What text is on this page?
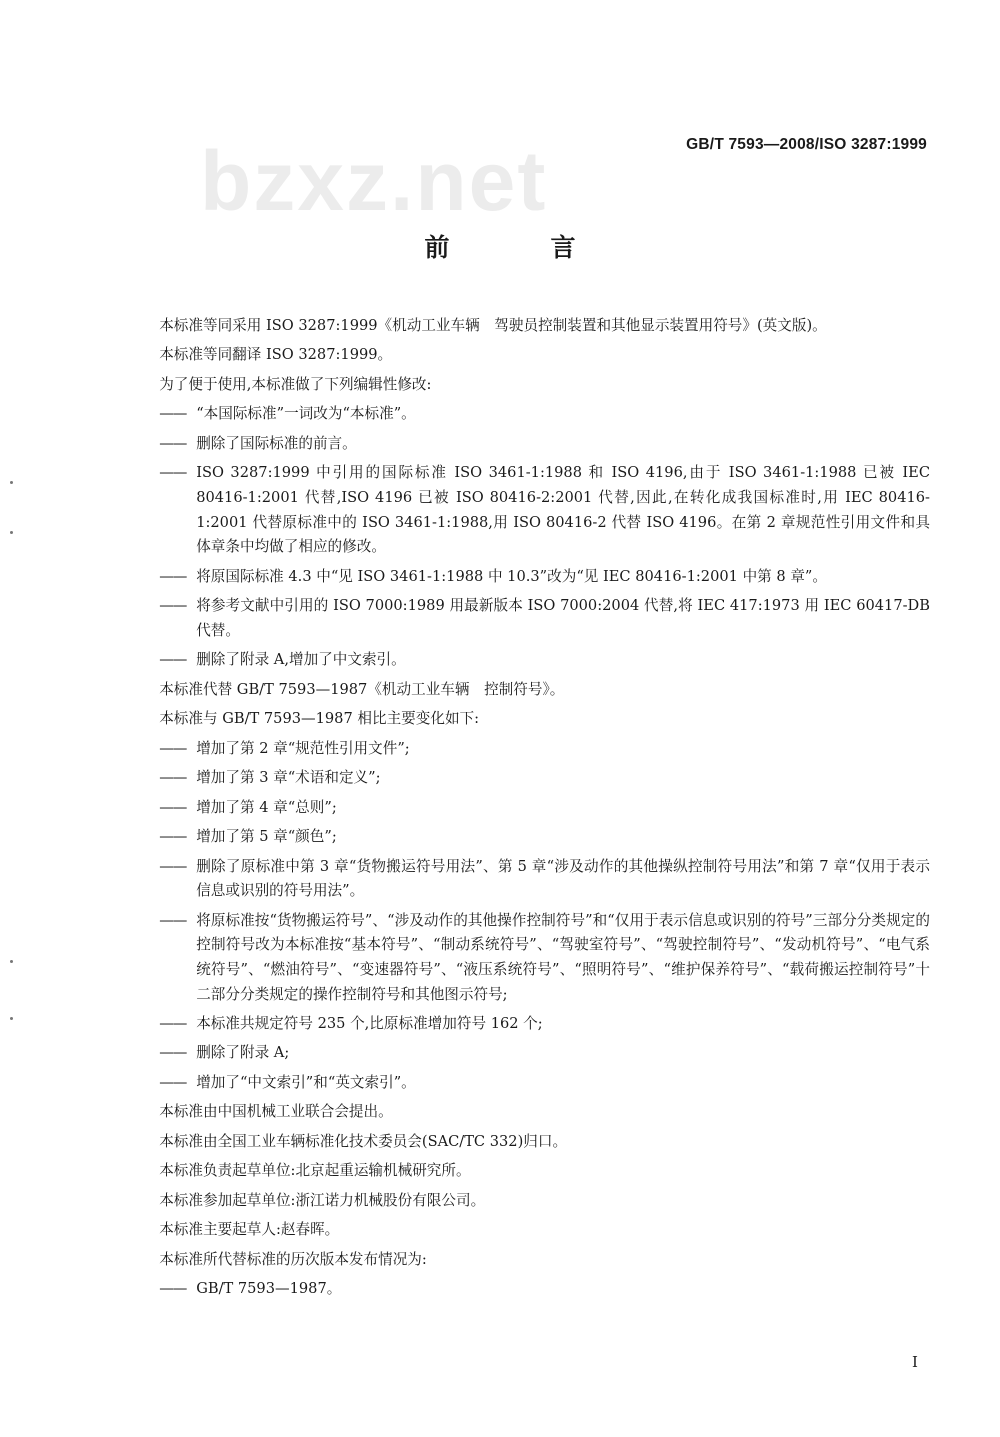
bzxz.net	GB/T 7593—2008/ISO 3287:1999
前　言
本标准等同采用 ISO 3287:1999《机动工业车辆　驾驶员控制装置和其他显示装置用符号》(英文版)。
本标准等同翻译 ISO 3287:1999。
为了便于使用,本标准做了下列编辑性修改:
—— “本国际标准”一词改为“本标准”。
—— 删除了国际标准的前言。
—— ISO 3287:1999 中引用的国际标准 ISO 3461-1:1988 和 ISO 4196,由于 ISO 3461-1:1988 已被 IEC 80416-1:2001 代替,ISO 4196 已被 ISO 80416-2:2001 代替,因此,在转化成我国标准时,用 IEC 80416-1:2001 代替原标准中的 ISO 3461-1:1988,用 ISO 80416-2 代替 ISO 4196。在第 2 章规范性引用文件和具体章条中均做了相应的修改。
—— 将原国际标准 4.3 中“见 ISO 3461-1:1988 中 10.3”改为“见 IEC 80416-1:2001 中第 8 章”。
—— 将参考文献中引用的 ISO 7000:1989 用最新版本 ISO 7000:2004 代替,将 IEC 417:1973 用 IEC 60417-DB 代替。
—— 删除了附录 A,增加了中文索引。
本标准代替 GB/T 7593—1987《机动工业车辆　控制符号》。
本标准与 GB/T 7593—1987 相比主要变化如下:
—— 增加了第 2 章“规范性引用文件”;
—— 增加了第 3 章“术语和定义”;
—— 增加了第 4 章“总则”;
—— 增加了第 5 章“颜色”;
—— 删除了原标准中第 3 章“货物搬运符号用法”、第 5 章“涉及动作的其他操纵控制符号用法”和第 7 章“仅用于表示信息或识别的符号用法”。
—— 将原标准按“货物搬运符号”、“涉及动作的其他操作控制符号”和“仅用于表示信息或识别的符号”三部分分类规定的控制符号改为本标准按“基本符号”、“制动系统符号”、“驾驶室符号”、“驾驶控制符号”、“发动机符号”、“电气系统符号”、“燃油符号”、“变速器符号”、“液压系统符号”、“照明符号”、“维护保养符号”、“载荷搬运控制符号”十二部分分类规定的操作控制符号和其他图示符号;
—— 本标准共规定符号 235 个,比原标准增加符号 162 个;
—— 删除了附录 A;
—— 增加了“中文索引”和“英文索引”。
本标准由中国机械工业联合会提出。
本标准由全国工业车辆标准化技术委员会(SAC/TC 332)归口。
本标准负责起草单位:北京起重运输机械研究所。
本标准参加起草单位:浙江诺力机械股份有限公司。
本标准主要起草人:赵春晖。
本标准所代替标准的历次版本发布情况为:
—— GB/T 7593—1987。
I
